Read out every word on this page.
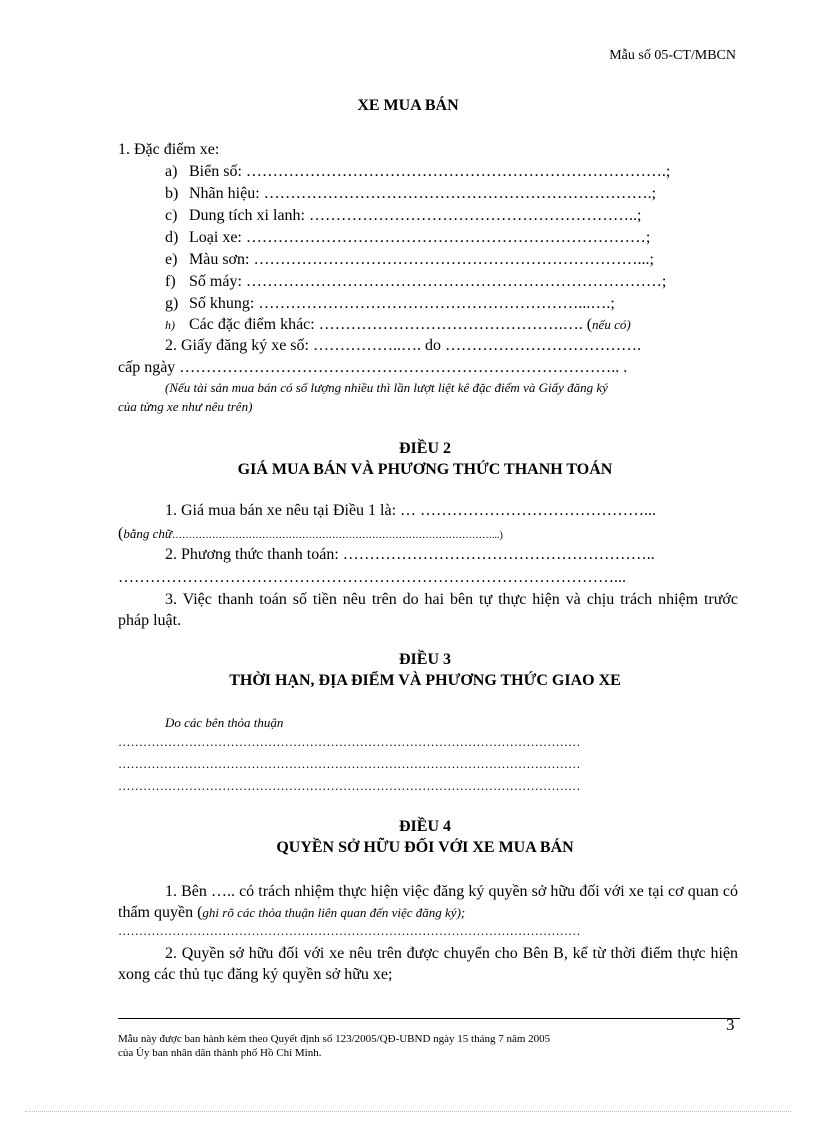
Mẫu số 05-CT/MBCN
XE MUA BÁN
1. Đặc điểm xe:
a) Biển số: …………………………………………………………………….;
b) Nhãn hiệu: ……………………………………………………………….;
c) Dung tích xi lanh: ……………………………………………………..;
d) Loại xe: …………………………………………………………………;
e) Màu sơn: ………………………………………………………………...;
f) Số máy: ……………………………………………………………………;
g) Số khung: ……………………………………………………...….;
h) Các đặc điểm khác: ……………………………………….…. (nếu có)
2. Giấy đăng ký xe số: ……………..…. do ……………………………….
cấp ngày ……………………………………………………………………….. .
(Nếu tài sản mua bán có số lượng nhiều thì lần lượt liệt kê đặc điểm và Giấy đăng ký
của từng xe như nêu trên)
ĐIỀU 2
GIÁ MUA BÁN VÀ PHƯƠNG THỨC THANH TOÁN
1. Giá mua bán xe nêu tại Điều 1 là: … ……………………………………...
(bằng chữ……………………………………………………………………………………...)
2. Phương thức thanh toán: …………………………………………………..
…………………………………………………………………………………...
3. Việc thanh toán số tiền nêu trên do hai bên tự thực hiện và chịu trách nhiệm trước pháp luật.
ĐIỀU 3
THỜI HẠN, ĐỊA ĐIỂM VÀ PHƯƠNG THỨC GIAO XE
Do các bên thỏa thuận
…………………………………………………………………………………………………
…………………………………………………………………………………………………
…………………………………………………………………………………………………
ĐIỀU 4
QUYỀN SỞ HỮU ĐỐI VỚI XE MUA BÁN
1. Bên ….. có trách nhiệm thực hiện việc đăng ký quyền sở hữu đối với xe tại cơ quan có thẩm quyền (ghi rõ các thỏa thuận liên quan đến việc đăng ký);
…………………………………………………………………………………………………
2. Quyền sở hữu đối với xe nêu trên được chuyển cho Bên B, kể từ thời điểm thực hiện xong các thủ tục đăng ký quyền sở hữu xe;
3
Mẫu này được ban hành kèm theo Quyết định số 123/2005/QĐ-UBND ngày 15 tháng 7 năm 2005
của Ủy ban nhân dân thành phố Hồ Chí Minh.
